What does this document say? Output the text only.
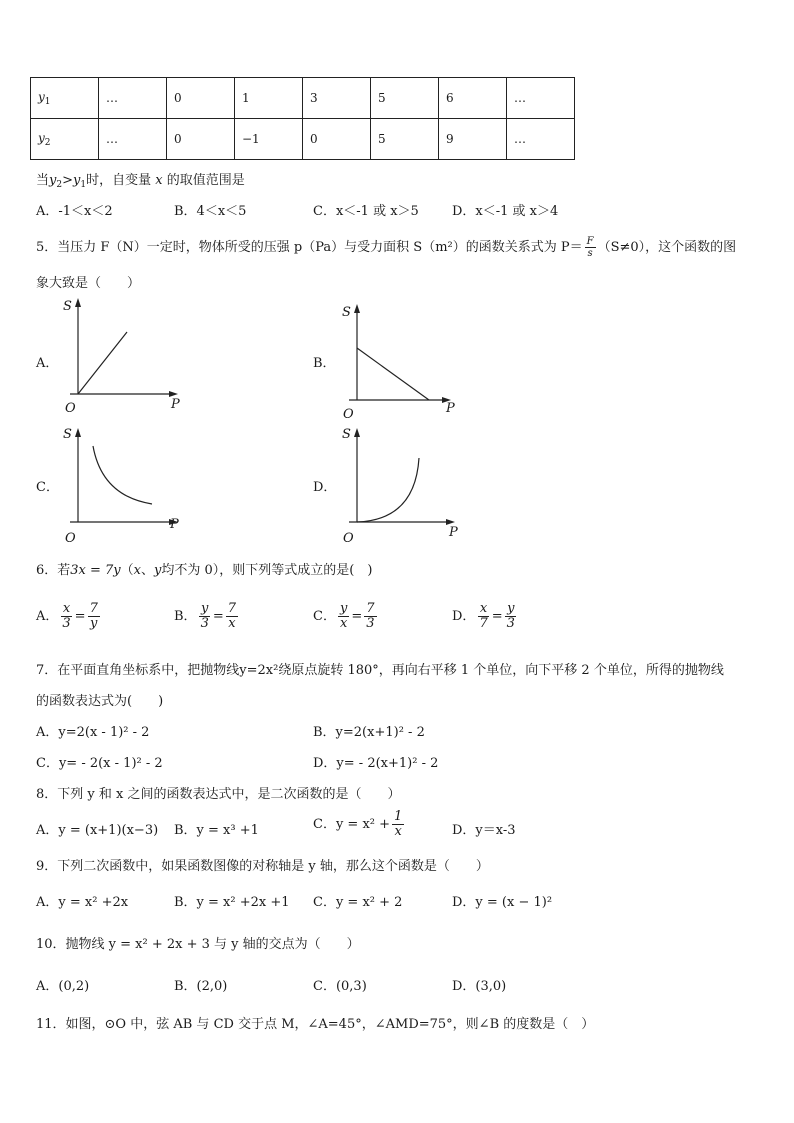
$y_1$	…	0	1	3	5	6	…
$y_2$	…	0	−1	0	5	9	…
当$y_2>y_1$时，自变量 x 的取值范围是
A．-1＜x＜2	B．4＜x＜5	C．x＜-1 或 x＞5	D．x＜-1 或 x＞4
5．当压力 F（N）一定时，物体所受的压强 p（Pa）与受力面积 S（m²）的函数关系式为 $P= \frac{F}{s} (S\ne 0)$，这个函数的图
象大致是（　　）
A．	B．
C．	D．
S
P
O
S
P
O
S
P
O
S
P
O
6．若3x = 7y（x、y均不为 0），则下列等式成立的是(　)
A． $\frac{x}{3} = \frac{7}{y}$	B． $\frac{y}{3} = \frac{7}{x}$	C． $\frac{y}{x} = \frac{7}{3}$	D． $\frac{x}{7} = \frac{y}{3}$
7．在平面直角坐标系中，把抛物线y=2x²绕原点旋转 180°，再向右平移 1 个单位，向下平移 2 个单位，所得的抛物线
的函数表达式为(　　)
A．y=2(x - 1)² - 2	B．y=2(x+1)² - 2
C．y= - 2(x - 1)² - 2	D．y= - 2(x+1)² - 2
8．下列 y 和 x 之间的函数表达式中，是二次函数的是（　　）
A．y = (x+1)(x−3) B．y = x³ +1	C．$y = x^2 + \frac{1}{x}$	D．y＝x-3
9．下列二次函数中，如果函数图像的对称轴是 y 轴，那么这个函数是（　　）
A．y = x² +2x	B．y = x² +2x +1 C．y = x² + 2	D．y = (x − 1)²
10．抛物线 y = x² + 2x + 3 与 y 轴的交点为（　　）
A．(0,2)	B．(2,0)	C．(0,3)	D．(3,0)
11．如图，⊙O 中，弦 AB 与 CD 交于点 M，∠A=45°，∠AMD=75°，则∠B 的度数是（　）
